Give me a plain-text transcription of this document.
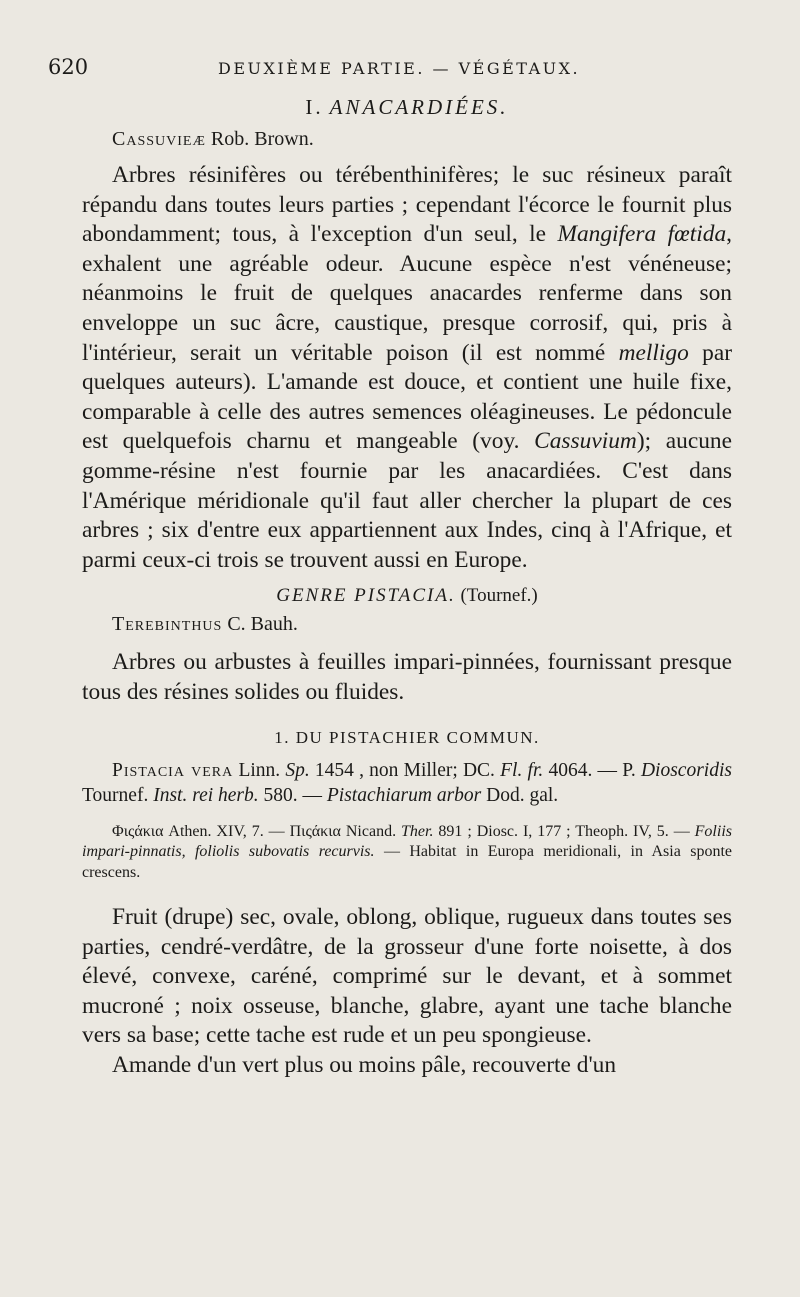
620	DEUXIÈME PARTIE. — VÉGÉTAUX.
I. ANACARDIÉES.
Cassuvieæ Rob. Brown.

Arbres résinifères ou térébenthinifères; le suc résineux paraît répandu dans toutes leurs parties ; cependant l'écorce le fournit plus abondamment; tous, à l'exception d'un seul, le Mangifera fœtida, exhalent une agréable odeur. Aucune espèce n'est vénéneuse; néanmoins le fruit de quelques anacardes renferme dans son enveloppe un suc âcre, caustique, presque corrosif, qui, pris à l'intérieur, serait un véritable poison (il est nommé melligo par quelques auteurs). L'amande est douce, et contient une huile fixe, comparable à celle des autres semences oléagineuses. Le pédoncule est quelquefois charnu et mangeable (voy. Cassuvium); aucune gomme-résine n'est fournie par les anacardiées. C'est dans l'Amérique méridionale qu'il faut aller chercher la plupart de ces arbres ; six d'entre eux appartiennent aux Indes, cinq à l'Afrique, et parmi ceux-ci trois se trouvent aussi en Europe.

GENRE PISTACIA. (Tournef.)
Terebinthus C. Bauh.

Arbres ou arbustes à feuilles impari-pinnées, fournissant presque tous des résines solides ou fluides.

1. DU PISTACHIER COMMUN.

Pistacia vera Linn. Sp. 1454 , non Miller; DC. Fl. fr. 4064. — P. Dioscoridis Tournef. Inst. rei herb. 580. — Pistachiarum arbor Dod. gal.

Φιςάκια Athen. XIV, 7. — Πιςάκια Nicand. Ther. 891 ; Diosc. I, 177 ; Theoph. IV, 5. — Foliis impari-pinnatis, foliolis subovatis recurvis. — Habitat in Europa meridionali, in Asia sponte crescens.

Fruit (drupe) sec, ovale, oblong, oblique, rugueux dans toutes ses parties, cendré-verdâtre, de la grosseur d'une forte noisette, à dos élevé, convexe, caréné, comprimé sur le devant, et à sommet mucroné ; noix osseuse, blanche, glabre, ayant une tache blanche vers sa base; cette tache est rude et un peu spongieuse.

Amande d'un vert plus ou moins pâle, recouverte d'un
